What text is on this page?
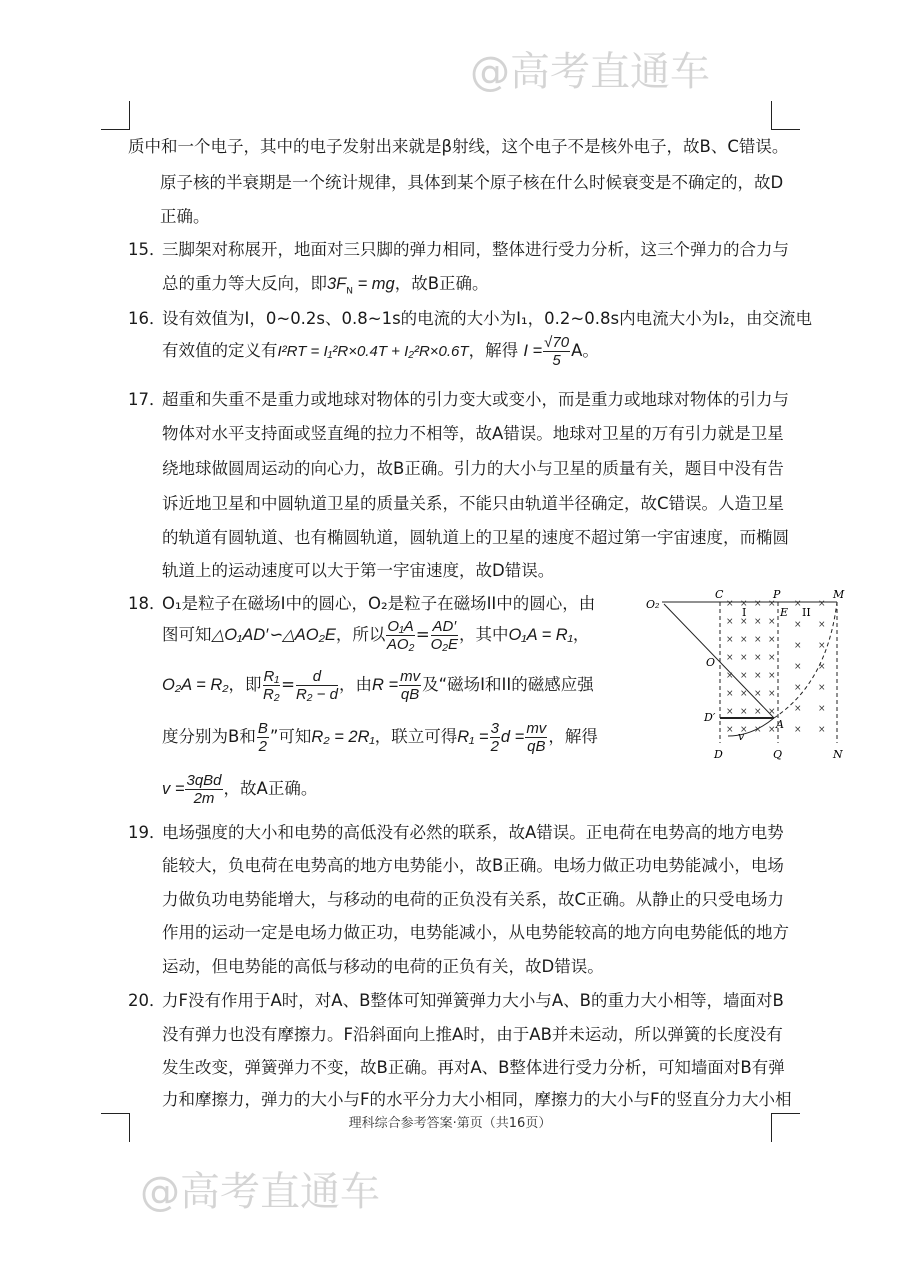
@高考直通车
@高考直通车
质中和一个电子，其中的电子发射出来就是β射线，这个电子不是核外电子，故B、C错误。
原子核的半衰期是一个统计规律，具体到某个原子核在什么时候衰变是不确定的，故D
正确。
15．
三脚架对称展开，地面对三只脚的弹力相同，整体进行受力分析，这三个弹力的合力与
总的重力等大反向，即$3F_N$ = mg，故B正确。
16．
设有效值为I，0~0.2s、0.8~1s的电流的大小为I₁，0.2~0.8s内电流大小为I₂，由交流电
有效值的定义有I²RT = I₁²R×0.4T + I₂²R×0.6T，解得 $I = \frac{√70}{5}$ A。
17．
超重和失重不是重力或地球对物体的引力变大或变小，而是重力或地球对物体的引力与
物体对水平支持面或竖直绳的拉力不相等，故A错误。地球对卫星的万有引力就是卫星
绕地球做圆周运动的向心力，故B正确。引力的大小与卫星的质量有关，题目中没有告
诉近地卫星和中圆轨道卫星的质量关系，不能只由轨道半径确定，故C错误。人造卫星
的轨道有圆轨道、也有椭圆轨道，圆轨道上的卫星的速度不超过第一宇宙速度，而椭圆
轨道上的运动速度可以大于第一宇宙速度，故D错误。
18．
O₁是粒子在磁场I中的圆心，O₂是粒子在磁场II中的圆心，由
图可知△O₁AD′∽△AO₂E，所以 $\frac{\text{O₁A}}{\text{AO₂}} = \frac{AD'}{\text{O₂E}}$ ，其中O₁A = R₁，
O₂A = R₂，即 $\frac{\text{R₁}}{\text{R₂}} = \frac{d}{\text{R₂ − d}}$ ，由$R = \frac{mv}{qB}$ 及“磁场I和II的磁感应强
度分别为B和 $\frac{B}{2}$ ”可知R₂ = 2R₁，联立可得$R_1 = \frac{3}{2}$ $d = \frac{mv}{qB}$ ，解得
$v = \frac{\text{3qBd}}{2m}$ ，故A正确。
× × × ×
× × × ×
× × × ×
× × × ×
× × × ×
× × × ×
× × × ×
× × × ×
× ×
× ×
× ×
× ×
× ×
× ×
× ×
O₂
C	P	M
E
I	II
O
D′
A
v
D	Q	N
19．
电场强度的大小和电势的高低没有必然的联系，故A错误。正电荷在电势高的地方电势
能较大，负电荷在电势高的地方电势能小，故B正确。电场力做正功电势能减小，电场
力做负功电势能增大，与移动的电荷的正负没有关系，故C正确。从静止的只受电场力
作用的运动一定是电场力做正功，电势能减小，从电势能较高的地方向电势能低的地方
运动，但电势能的高低与移动的电荷的正负有关，故D错误。
20．
力F没有作用于A时，对A、B整体可知弹簧弹力大小与A、B的重力大小相等，墙面对B
没有弹力也没有摩擦力。F沿斜面向上推A时，由于AB并未运动，所以弹簧的长度没有
发生改变，弹簧弹力不变，故B正确。再对A、B整体进行受力分析，可知墙面对B有弹
力和摩擦力，弹力的大小与F的水平分力大小相同，摩擦力的大小与F的竖直分力大小相
理科综合参考答案·第页（共16页）
